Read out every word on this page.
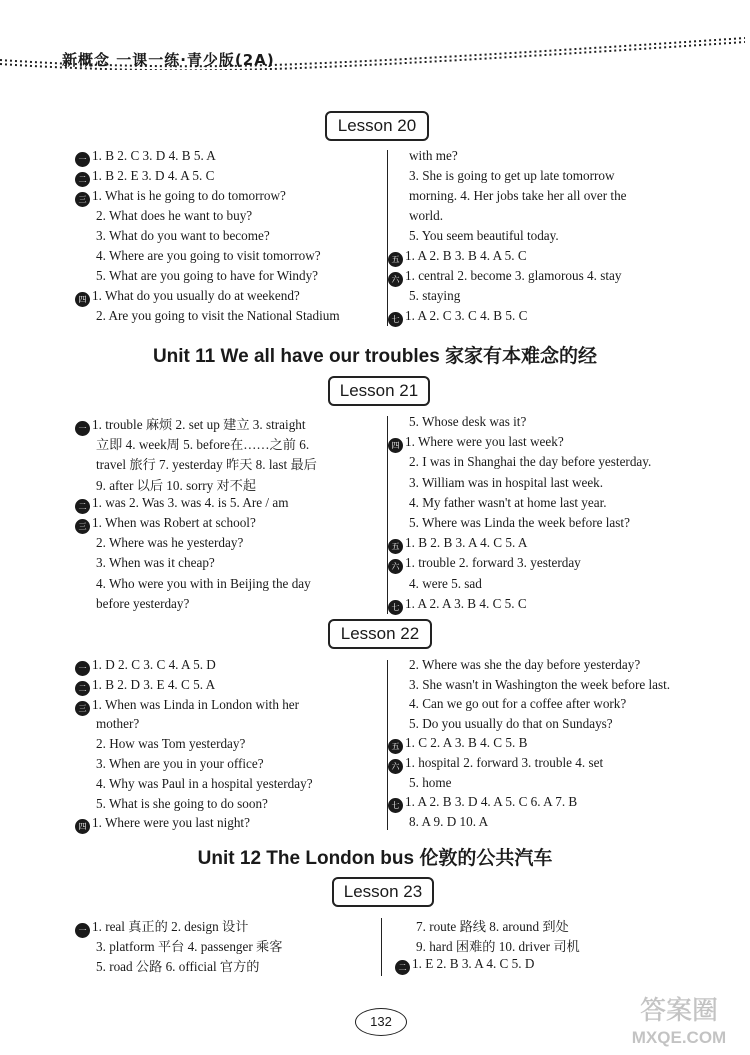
新概念 一课一练·青少版(2A)
Lesson 20
一 1. B 2. C 3. D 4. B 5. A
二 1. B 2. E 3. D 4. A 5. C
三 1. What is he going to do tomorrow?
2. What does he want to buy?
3. What do you want to become?
4. Where are you going to visit tomorrow?
5. What are you going to have for Windy?
四 1. What do you usually do at weekend?
2. Are you going to visit the National Stadium
with me?
3. She is going to get up late tomorrow
morning. 4. Her jobs take her all over the
world.
5. You seem beautiful today.
五 1. A 2. B 3. B 4. A 5. C
六 1. central 2. become 3. glamorous 4. stay
5. staying
七 1. A 2. C 3. C 4. B 5. C
Unit 11 We all have our troubles 家家有本难念的经
Lesson 21
一 1. trouble 麻烦 2. set up 建立 3. straight
立即 4. week周 5. before在……之前 6.
travel 旅行 7. yesterday 昨天 8. last 最后
9. after 以后 10. sorry 对不起
二 1. was 2. Was 3. was 4. is 5. Are / am
三 1. When was Robert at school?
2. Where was he yesterday?
3. When was it cheap?
4. Who were you with in Beijing the day
before yesterday?
5. Whose desk was it?
四 1. Where were you last week?
2. I was in Shanghai the day before yesterday.
3. William was in hospital last week.
4. My father wasn't at home last year.
5. Where was Linda the week before last?
五 1. B 2. B 3. A 4. C 5. A
六 1. trouble 2. forward 3. yesterday
4. were 5. sad
七 1. A 2. A 3. B 4. C 5. C
Lesson 22
一 1. D 2. C 3. C 4. A 5. D
二 1. B 2. D 3. E 4. C 5. A
三 1. When was Linda in London with her
mother?
2. How was Tom yesterday?
3. When are you in your office?
4. Why was Paul in a hospital yesterday?
5. What is she going to do soon?
四 1. Where were you last night?
2. Where was she the day before yesterday?
3. She wasn't in Washington the week before last.
4. Can we go out for a coffee after work?
5. Do you usually do that on Sundays?
五 1. C 2. A 3. B 4. C 5. B
六 1. hospital 2. forward 3. trouble 4. set
5. home
七 1. A 2. B 3. D 4. A 5. C 6. A 7. B
8. A 9. D 10. A
Unit 12 The London bus 伦敦的公共汽车
Lesson 23
一 1. real 真正的 2. design 设计
3. platform 平台 4. passenger 乘客
5. road 公路 6. official 官方的
7. route 路线 8. around 到处
9. hard 困难的 10. driver 司机
二 1. E 2. B 3. A 4. C 5. D
132	答案圈
MXQE.COM
